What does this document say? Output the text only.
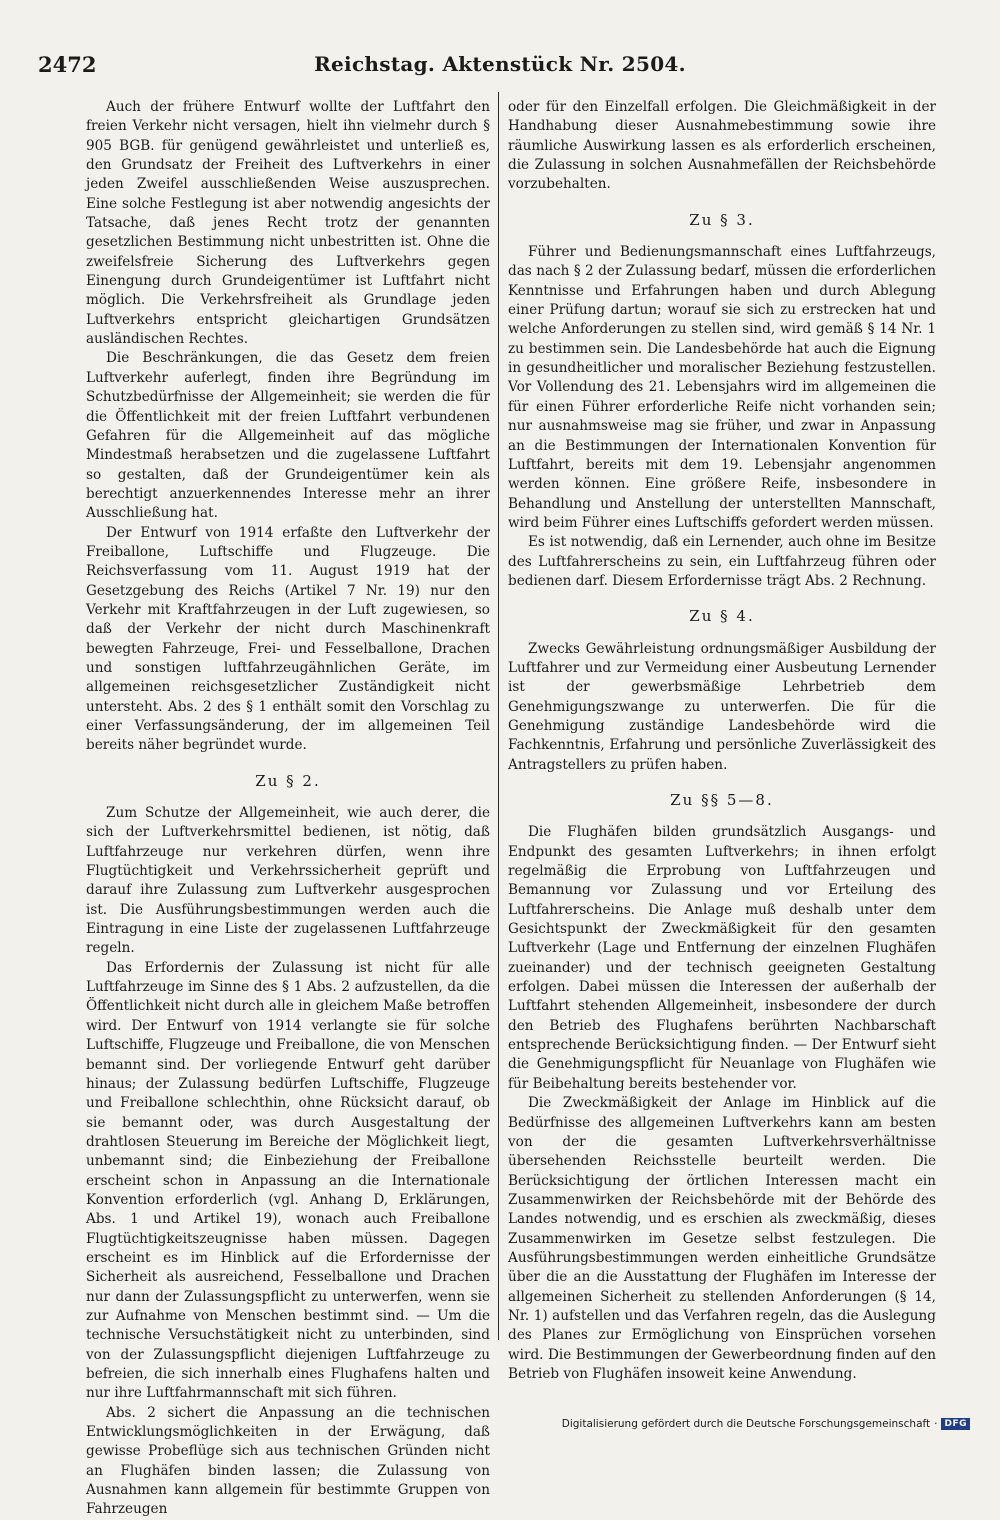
2472	Reichstag. Aktenstück Nr. 2504.

Auch der frühere Entwurf wollte der Luftfahrt den freien Verkehr nicht versagen, hielt ihn vielmehr durch § 905 BGB. für genügend gewährleistet und unterließ es, den Grundsatz der Freiheit des Luftverkehrs in einer jeden Zweifel ausschließenden Weise auszusprechen. Eine solche Festlegung ist aber notwendig angesichts der Tatsache, daß jenes Recht trotz der genannten gesetzlichen Bestimmung nicht unbestritten ist. Ohne die zweifelsfreie Sicherung des Luftverkehrs gegen Einengung durch Grundeigentümer ist Luftfahrt nicht möglich. Die Verkehrsfreiheit als Grundlage jeden Luftverkehrs entspricht gleichartigen Grundsätzen ausländischen Rechtes.

Die Beschränkungen, die das Gesetz dem freien Luftverkehr auferlegt, finden ihre Begründung im Schutzbedürfnisse der Allgemeinheit; sie werden die für die Öffentlichkeit mit der freien Luftfahrt verbundenen Gefahren für die Allgemeinheit auf das mögliche Mindestmaß herabsetzen und die zugelassene Luftfahrt so gestalten, daß der Grundeigentümer kein als berechtigt anzuerkennendes Interesse mehr an ihrer Ausschließung hat.

Der Entwurf von 1914 erfaßte den Luftverkehr der Freiballone, Luftschiffe und Flugzeuge. Die Reichsverfassung vom 11. August 1919 hat der Gesetzgebung des Reichs (Artikel 7 Nr. 19) nur den Verkehr mit Kraftfahrzeugen in der Luft zugewiesen, so daß der Verkehr der nicht durch Maschinenkraft bewegten Fahrzeuge, Frei- und Fesselballone, Drachen und sonstigen luftfahrzeugähnlichen Geräte, im allgemeinen reichsgesetzlicher Zuständigkeit nicht untersteht. Abs. 2 des § 1 enthält somit den Vorschlag zu einer Verfassungsänderung, der im allgemeinen Teil bereits näher begründet wurde.

Zu § 2.

Zum Schutze der Allgemeinheit, wie auch derer, die sich der Luftverkehrsmittel bedienen, ist nötig, daß Luftfahrzeuge nur verkehren dürfen, wenn ihre Flugtüchtigkeit und Verkehrssicherheit geprüft und darauf ihre Zulassung zum Luftverkehr ausgesprochen ist. Die Ausführungsbestimmungen werden auch die Eintragung in eine Liste der zugelassenen Luftfahrzeuge regeln.

Das Erfordernis der Zulassung ist nicht für alle Luftfahrzeuge im Sinne des § 1 Abs. 2 aufzustellen, da die Öffentlichkeit nicht durch alle in gleichem Maße betroffen wird. Der Entwurf von 1914 verlangte sie für solche Luftschiffe, Flugzeuge und Freiballone, die von Menschen bemannt sind. Der vorliegende Entwurf geht darüber hinaus; der Zulassung bedürfen Luftschiffe, Flugzeuge und Freiballone schlechthin, ohne Rücksicht darauf, ob sie bemannt oder, was durch Ausgestaltung der drahtlosen Steuerung im Bereiche der Möglichkeit liegt, unbemannt sind; die Einbeziehung der Freiballone erscheint schon in Anpassung an die Internationale Konvention erforderlich (vgl. Anhang D, Erklärungen, Abs. 1 und Artikel 19), wonach auch Freiballone Flugtüchtigkeitszeugnisse haben müssen. Dagegen erscheint es im Hinblick auf die Erfordernisse der Sicherheit als ausreichend, Fesselballone und Drachen nur dann der Zulassungspflicht zu unterwerfen, wenn sie zur Aufnahme von Menschen bestimmt sind. — Um die technische Versuchstätigkeit nicht zu unterbinden, sind von der Zulassungspflicht diejenigen Luftfahrzeuge zu befreien, die sich innerhalb eines Flughafens halten und nur ihre Luftfahrmannschaft mit sich führen.

Abs. 2 sichert die Anpassung an die technischen Entwicklungsmöglichkeiten in der Erwägung, daß gewisse Probeflüge sich aus technischen Gründen nicht an Flughäfen binden lassen; die Zulassung von Ausnahmen kann allgemein für bestimmte Gruppen von Fahrzeugen

oder für den Einzelfall erfolgen. Die Gleichmäßigkeit in der Handhabung dieser Ausnahmebestimmung sowie ihre räumliche Auswirkung lassen es als erforderlich erscheinen, die Zulassung in solchen Ausnahmefällen der Reichsbehörde vorzubehalten.

Zu § 3.

Führer und Bedienungsmannschaft eines Luftfahrzeugs, das nach § 2 der Zulassung bedarf, müssen die erforderlichen Kenntnisse und Erfahrungen haben und durch Ablegung einer Prüfung dartun; worauf sie sich zu erstrecken hat und welche Anforderungen zu stellen sind, wird gemäß § 14 Nr. 1 zu bestimmen sein. Die Landesbehörde hat auch die Eignung in gesundheitlicher und moralischer Beziehung festzustellen. Vor Vollendung des 21. Lebensjahrs wird im allgemeinen die für einen Führer erforderliche Reife nicht vorhanden sein; nur ausnahmsweise mag sie früher, und zwar in Anpassung an die Bestimmungen der Internationalen Konvention für Luftfahrt, bereits mit dem 19. Lebensjahr angenommen werden können. Eine größere Reife, insbesondere in Behandlung und Anstellung der unterstellten Mannschaft, wird beim Führer eines Luftschiffs gefordert werden müssen.

Es ist notwendig, daß ein Lernender, auch ohne im Besitze des Luftfahrerscheins zu sein, ein Luftfahrzeug führen oder bedienen darf. Diesem Erfordernisse trägt Abs. 2 Rechnung.

Zu § 4.

Zwecks Gewährleistung ordnungsmäßiger Ausbildung der Luftfahrer und zur Vermeidung einer Ausbeutung Lernender ist der gewerbsmäßige Lehrbetrieb dem Genehmigungszwange zu unterwerfen. Die für die Genehmigung zuständige Landesbehörde wird die Fachkenntnis, Erfahrung und persönliche Zuverlässigkeit des Antragstellers zu prüfen haben.

Zu §§ 5—8.

Die Flughäfen bilden grundsätzlich Ausgangs- und Endpunkt des gesamten Luftverkehrs; in ihnen erfolgt regelmäßig die Erprobung von Luftfahrzeugen und Bemannung vor Zulassung und vor Erteilung des Luftfahrerscheins. Die Anlage muß deshalb unter dem Gesichtspunkt der Zweckmäßigkeit für den gesamten Luftverkehr (Lage und Entfernung der einzelnen Flughäfen zueinander) und der technisch geeigneten Gestaltung erfolgen. Dabei müssen die Interessen der außerhalb der Luftfahrt stehenden Allgemeinheit, insbesondere der durch den Betrieb des Flughafens berührten Nachbarschaft entsprechende Berücksichtigung finden. — Der Entwurf sieht die Genehmigungspflicht für Neuanlage von Flughäfen wie für Beibehaltung bereits bestehender vor.

Die Zweckmäßigkeit der Anlage im Hinblick auf die Bedürfnisse des allgemeinen Luftverkehrs kann am besten von der die gesamten Luftverkehrsverhältnisse übersehenden Reichsstelle beurteilt werden. Die Berücksichtigung der örtlichen Interessen macht ein Zusammenwirken der Reichsbehörde mit der Behörde des Landes notwendig, und es erschien als zweckmäßig, dieses Zusammenwirken im Gesetze selbst festzulegen. Die Ausführungsbestimmungen werden einheitliche Grundsätze über die an die Ausstattung der Flughäfen im Interesse der allgemeinen Sicherheit zu stellenden Anforderungen (§ 14, Nr. 1) aufstellen und das Verfahren regeln, das die Auslegung des Planes zur Ermöglichung von Einsprüchen vorsehen wird. Die Bestimmungen der Gewerbeordnung finden auf den Betrieb von Flughäfen insoweit keine Anwendung.

Digitalisierung gefördert durch die Deutsche Forschungsgemeinschaft · DFG
